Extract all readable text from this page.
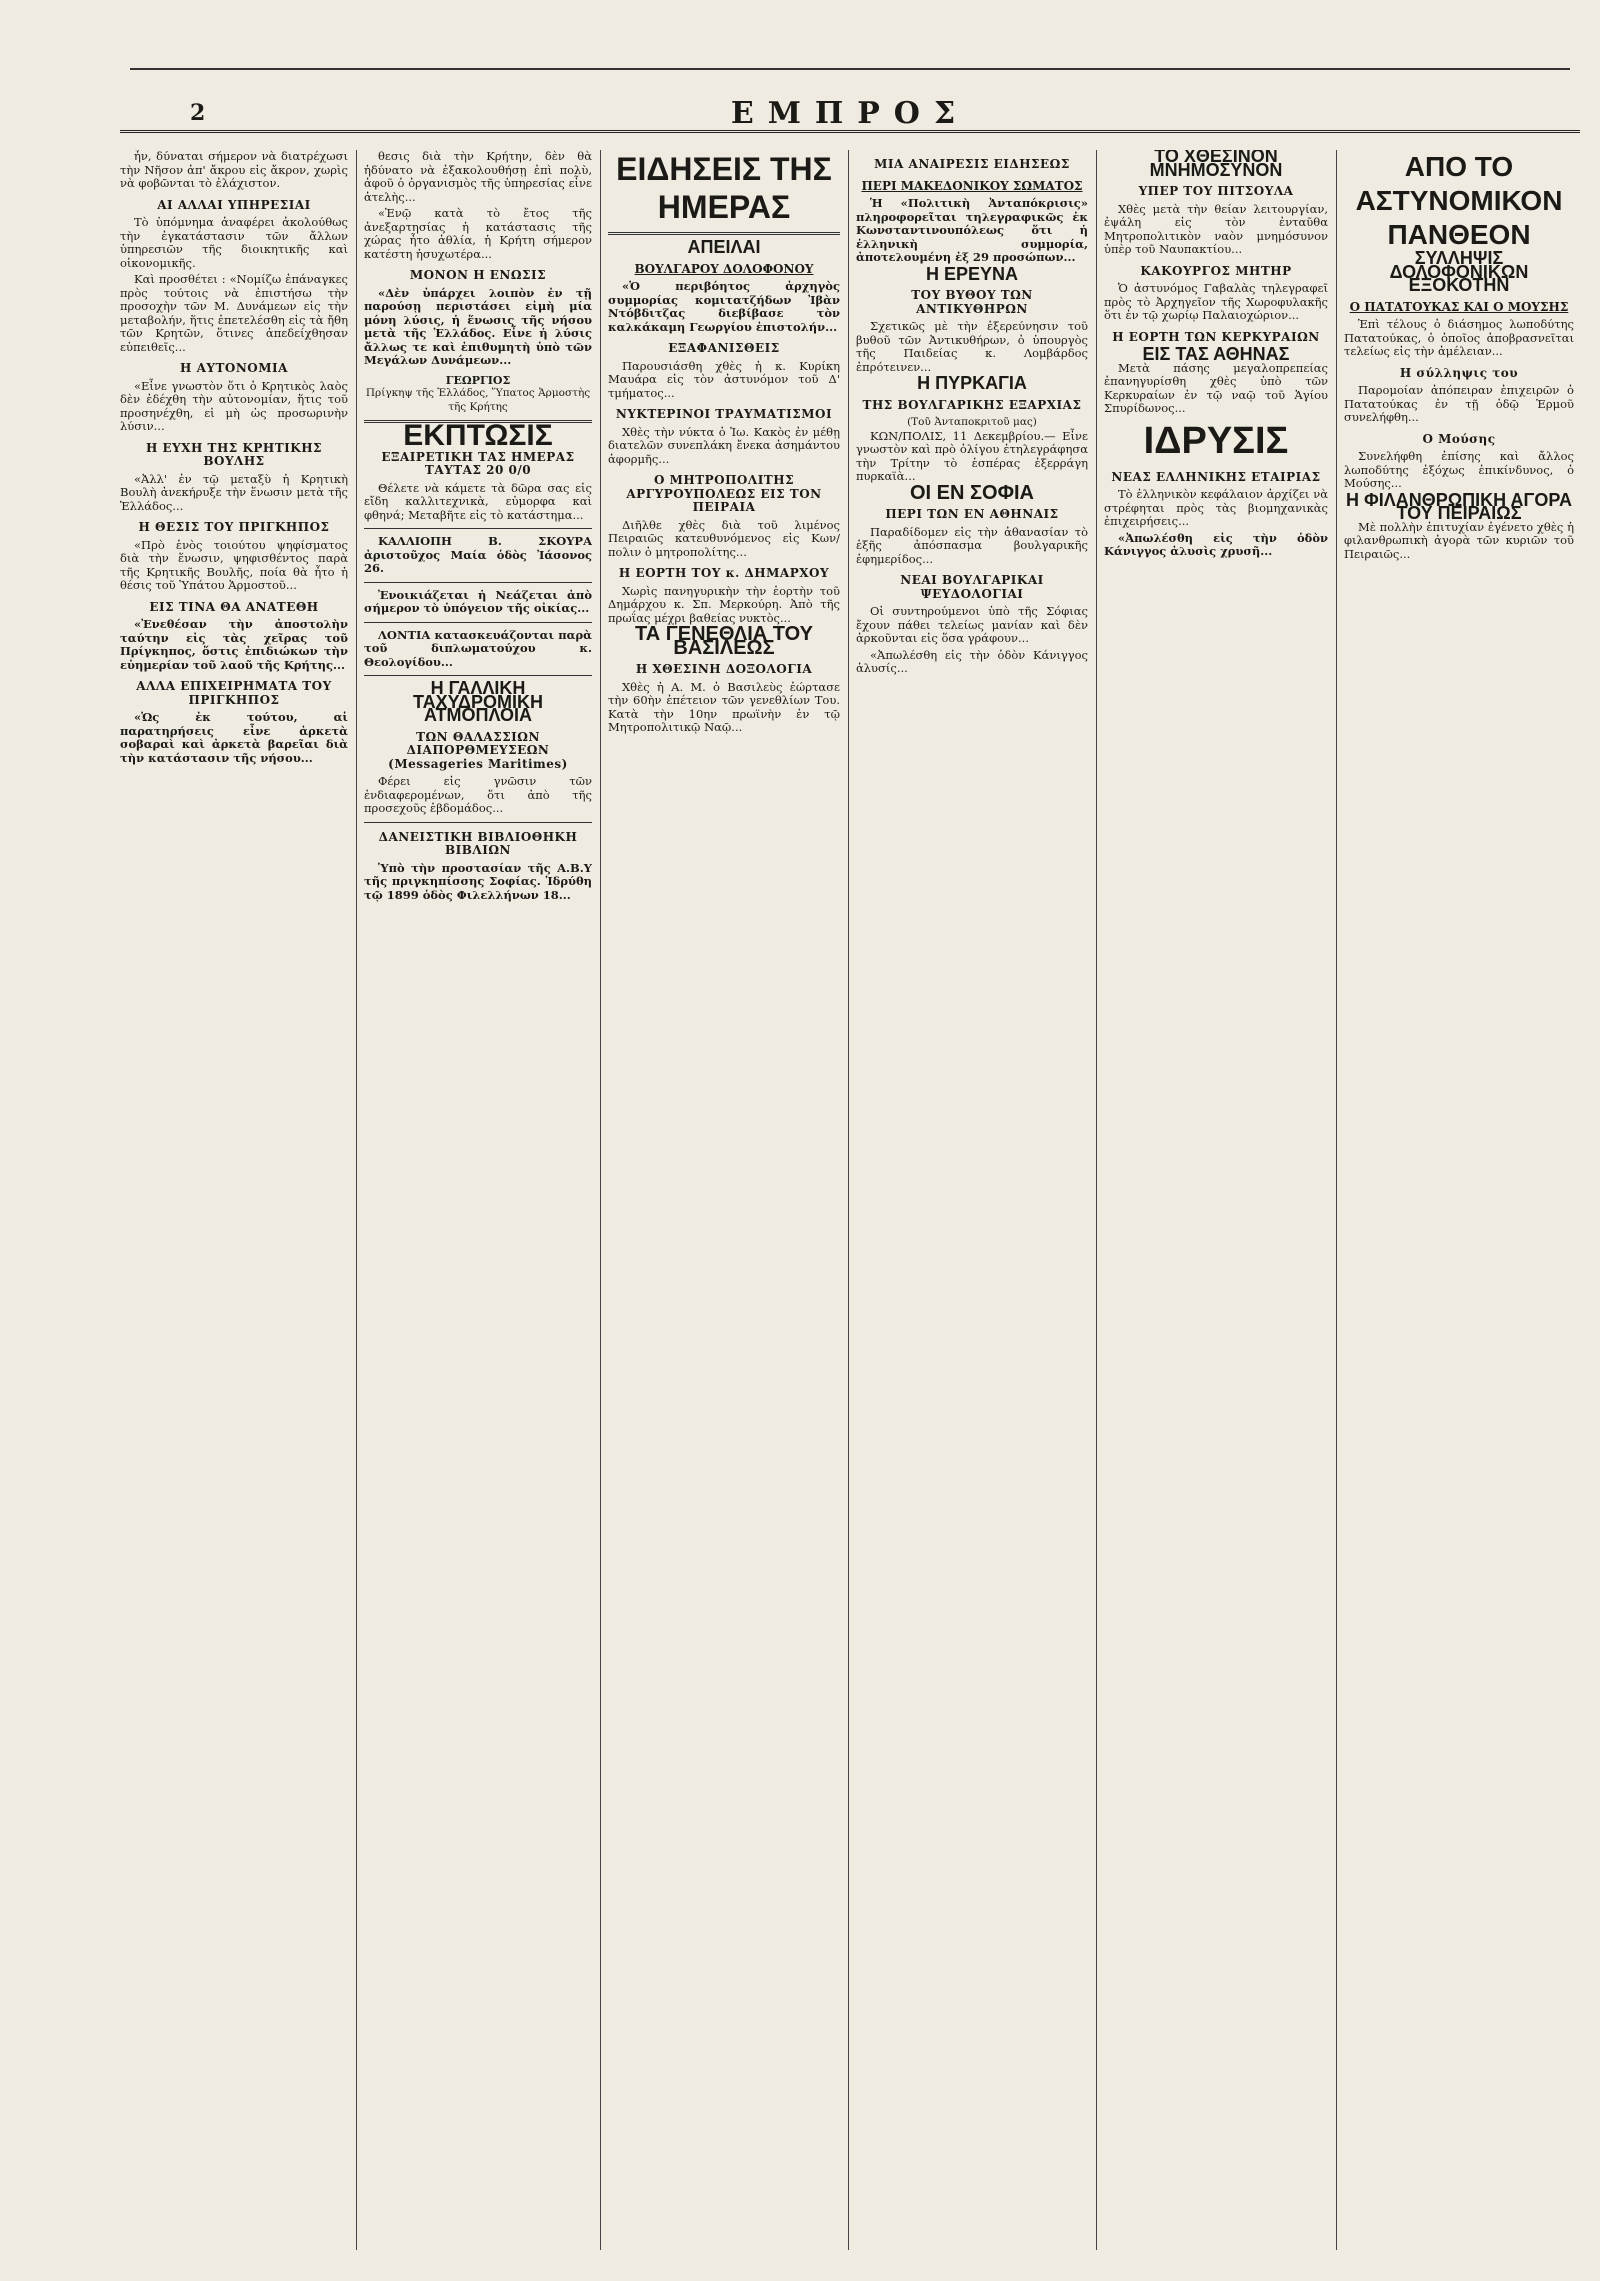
2	ΕΜΠΡΟΣ

ἦν, δύναται σήμερον νὰ διατρέχωσι τὴν Νῆσον ἀπ' ἄκρου εἰς ἄκρον, χωρὶς νὰ φοβῶνται τὸ ἐλάχιστον.

ΑΙ ΑΛΛΑΙ ΥΠΗΡΕΣΙΑΙ

Τὸ ὑπόμνημα ἀναφέρει ἀκολούθως τὴν ἐγκατάστασιν τῶν ἄλλων ὑπηρεσιῶν τῆς διοικητικῆς καὶ οἰκονομικῆς.

Καὶ προσθέτει : «Νομίζω ἐπάναγκες πρὸς τούτοις νὰ ἐπιστήσω τὴν προσοχὴν τῶν Μ. Δυνάμεων εἰς τὴν μεταβολήν, ἥτις ἐπετελέσθη εἰς τὰ ἤθη τῶν Κρητῶν, ὅτινες ἀπεδείχθησαν εὐπειθεῖς...

Η ΑΥΤΟΝΟΜΙΑ

«Εἶνε γνωστὸν ὅτι ὁ Κρητικὸς λαὸς δὲν ἐδέχθη τὴν αὐτονομίαν, ἥτις τοῦ προσηνέχθη, εἰ μὴ ὡς προσωρινὴν λύσιν...

Η ΕΥΧΗ ΤΗΣ ΚΡΗΤΙΚΗΣ ΒΟΥΛΗΣ

«Ἀλλ' ἐν τῷ μεταξὺ ἡ Κρητικὴ Βουλὴ ἀνεκήρυξε τὴν ἕνωσιν μετὰ τῆς Ἑλλάδος...

Η ΘΕΣΙΣ ΤΟΥ ΠΡΙΓΚΗΠΟΣ

«Πρὸ ἑνὸς τοιούτου ψηφίσματος διὰ τὴν ἕνωσιν, ψηφισθέντος παρὰ τῆς Κρητικῆς Βουλῆς, ποία θὰ ἦτο ἡ θέσις τοῦ Ὑπάτου Ἁρμοστοῦ...

ΕΙΣ ΤΙΝΑ ΘΑ ΑΝΑΤΕΘΗ

«Ἐνεθέσαν τὴν ἀποστολὴν ταύτην εἰς τὰς χεῖρας τοῦ Πρίγκηπος, ὅστις ἐπιδιώκων τὴν εὐημερίαν τοῦ λαοῦ τῆς Κρήτης...

ΑΛΛΑ ΕΠΙΧΕΙΡΗΜΑΤΑ ΤΟΥ ΠΡΙΓΚΗΠΟΣ

«Ὡς ἐκ τούτου, αἱ παρατηρήσεις εἶνε ἀρκετὰ σοβαραὶ καὶ ἀρκετὰ βαρεῖαι διὰ τὴν κατάστασιν τῆς νήσου...

θεσις διὰ τὴν Κρήτην, δὲν θὰ ἠδύνατο νὰ ἐξακολουθήσῃ ἐπὶ πολὺ, ἀφοῦ ὁ ὀργανισμὸς τῆς ὑπηρεσίας εἶνε ἀτελὴς...

«Ἐνῷ κατὰ τὸ ἔτος τῆς ἀνεξαρτησίας ἡ κατάστασις τῆς χώρας ἦτο ἀθλία, ἡ Κρήτη σήμερον κατέστη ἡσυχωτέρα...

ΜΟΝΟΝ Η ΕΝΩΣΙΣ

«Δὲν ὑπάρχει λοιπὸν ἐν τῇ παρούσῃ περιστάσει εἰμὴ μία μόνη λύσις, ἡ ἕνωσις τῆς νήσου μετὰ τῆς Ἑλλάδος. Εἶνε ἡ λύσις ἄλλως τε καὶ ἐπιθυμητὴ ὑπὸ τῶν Μεγάλων Δυνάμεων...

ΓΕΩΡΓΙΟΣ
Πρίγκηψ τῆς Ἑλλάδος, Ὕπατος Ἁρμοστὴς τῆς Κρήτης
ΕΚΠΤΩΣΙΣ
ΕΞΑΙΡΕΤΙΚΗ ΤΑΣ ΗΜΕΡΑΣ ΤΑΥΤΑΣ 20 0/0

Θέλετε νὰ κάμετε τὰ δῶρα σας εἰς εἴδη καλλιτεχνικὰ, εὐμορφα καὶ φθηνά; Μεταβῆτε εἰς τὸ κατάστημα...

ΚΑΛΛΙΟΠΗ Β. ΣΚΟΥΡΑ ἀριστοῦχος Μαία ὁδὸς Ἰάσονος 26.

Ἐνοικιάζεται ἡ Νεάζεται ἀπὸ σήμερον τὸ ὑπόγειον τῆς οἰκίας...

ΛΟΝΤΙΑ κατασκευάζονται παρὰ τοῦ διπλωματούχου κ. Θεολογίδου...

Η ΓΑΛΛΙΚΗ ΤΑΧΥΔΡΟΜΙΚΗ ΑΤΜΟΠΛΟΙΑ
ΤΩΝ ΘΑΛΑΣΣΙΩΝ ΔΙΑΠΟΡΘΜΕΥΣΕΩΝ (Messageries Maritimes)

Φέρει εἰς γνῶσιν τῶν ἐνδιαφερομένων, ὅτι ἀπὸ τῆς προσεχοῦς ἑβδομάδος...

ΔΑΝΕΙΣΤΙΚΗ ΒΙΒΛΙΟΘΗΚΗ ΒΙΒΛΙΩΝ

Ὑπὸ τὴν προστασίαν τῆς Α.Β.Υ τῆς πριγκηπίσσης Σοφίας. Ἱδρύθη τῷ 1899 ὁδὸς Φιλελλήνων 18...

ΕΙΔΗΣΕΙΣ ΤΗΣ ΗΜΕΡΑΣ
ΑΠΕΙΛΑΙ
ΒΟΥΛΓΑΡΟΥ ΔΟΛΟΦΟΝΟΥ

«Ὁ περιβόητος ἀρχηγὸς συμμορίας κομιτατζήδων Ἰβὰν Ντόβδιτζας διεβίβασε τὸν καλκάκαμη Γεωργίου ἐπιστολήν...

ΕΞΑΦΑΝΙΣΘΕΙΣ

Παρουσιάσθη χθὲς ἡ κ. Κυρίκη Μαυάρα εἰς τὸν ἀστυνόμον τοῦ Δ' τμήματος...

ΝΥΚΤΕΡΙΝΟΙ ΤΡΑΥΜΑΤΙΣΜΟΙ

Χθὲς τὴν νύκτα ὁ Ἰω. Κακὸς ἐν μέθῃ διατελῶν συνεπλάκη ἔνεκα ἀσημάντου ἀφορμῆς...

Ο ΜΗΤΡΟΠΟΛΙΤΗΣ ΑΡΓΥΡΟΥΠΟΛΕΩΣ ΕΙΣ ΤΟΝ ΠΕΙΡΑΙΑ

Διῆλθε χθὲς διὰ τοῦ λιμένος Πειραιῶς κατευθυνόμενος εἰς Κων/πολιν ὁ μητροπολίτης...

Η ΕΟΡΤΗ ΤΟΥ κ. ΔΗΜΑΡΧΟΥ

Χωρὶς πανηγυρικὴν τὴν ἑορτὴν τοῦ Δημάρχου κ. Σπ. Μερκούρη. Ἀπὸ τῆς πρωΐας μέχρι βαθείας νυκτὸς...

ΤΑ ΓΕΝΕΘΛΙΑ ΤΟΥ ΒΑΣΙΛΕΩΣ
Η ΧΘΕΣΙΝΗ ΔΟΞΟΛΟΓΙΑ

Χθὲς ἡ Α. Μ. ὁ Βασιλεὺς ἐώρτασε τὴν 60ὴν ἐπέτειον τῶν γενεθλίων Του. Κατὰ τὴν 10ην πρωϊνὴν ἐν τῷ Μητροπολιτικῷ Ναῷ...

ΜΙΑ ΑΝΑΙΡΕΣΙΣ ΕΙΔΗΣΕΩΣ
ΠΕΡΙ ΜΑΚΕΔΟΝΙΚΟΥ ΣΩΜΑΤΟΣ

Ἡ «Πολιτικὴ Ἀνταπόκρισις» πληροφορεῖται τηλεγραφικῶς ἐκ Κωνσταντινουπόλεως ὅτι ἡ ἑλληνικὴ συμμορία, ἀποτελουμένη ἐξ 29 προσώπων...

Η ΕΡΕΥΝΑ
ΤΟΥ ΒΥΘΟΥ ΤΩΝ ΑΝΤΙΚΥΘΗΡΩΝ

Σχετικῶς μὲ τὴν ἐξερεύνησιν τοῦ βυθοῦ τῶν Ἀντικυθήρων, ὁ ὑπουργὸς τῆς Παιδείας κ. Λομβάρδος ἐπρότεινεν...

Η ΠΥΡΚΑΓΙΑ
ΤΗΣ ΒΟΥΛΓΑΡΙΚΗΣ ΕΞΑΡΧΙΑΣ
(Τοῦ Ἀνταποκριτοῦ μας)

ΚΩΝ/ΠΟΛΙΣ, 11 Δεκεμβρίου.— Εἶνε γνωστὸν καὶ πρὸ ὀλίγου ἐτηλεγράφησα τὴν Τρίτην τὸ ἑσπέρας ἐξερράγη πυρκαϊὰ...

ΟΙ ΕΝ ΣΟΦΙΑ
ΠΕΡΙ ΤΩΝ ΕΝ ΑΘΗΝΑΙΣ

Παραδίδομεν εἰς τὴν ἀθανασίαν τὸ ἑξῆς ἀπόσπασμα βουλγαρικῆς ἐφημερίδος...

ΝΕΑΙ ΒΟΥΛΓΑΡΙΚΑΙ ΨΕΥΔΟΛΟΓΙΑΙ

Οἱ συντηρούμενοι ὑπὸ τῆς Σόφιας ἔχουν πάθει τελείως μανίαν καὶ δὲν ἀρκοῦνται εἰς ὅσα γράφουν...

«Ἀπωλέσθη εἰς τὴν ὁδὸν Κάνιγγος ἀλυσίς...

ΤΟ ΧΘΕΣΙΝΟΝ ΜΝΗΜΟΣΥΝΟΝ
ΥΠΕΡ ΤΟΥ ΠΙΤΣΟΥΛΑ

Χθὲς μετὰ τὴν θείαν λειτουργίαν, ἐψάλη εἰς τὸν ἐνταῦθα Μητροπολιτικὸν ναὸν μνημόσυνον ὑπὲρ τοῦ Ναυπακτίου...

ΚΑΚΟΥΡΓΟΣ ΜΗΤΗΡ

Ὁ ἀστυνόμος Γαβαλὰς τηλεγραφεῖ πρὸς τὸ Ἀρχηγεῖον τῆς Χωροφυλακῆς ὅτι ἐν τῷ χωρίῳ Παλαιοχώριον...

Η ΕΟΡΤΗ ΤΩΝ ΚΕΡΚΥΡΑΙΩΝ
ΕΙΣ ΤΑΣ ΑΘΗΝΑΣ

Μετὰ πάσης μεγαλοπρεπείας ἐπανηγυρίσθη χθὲς ὑπὸ τῶν Κερκυραίων ἐν τῷ ναῷ τοῦ Ἁγίου Σπυρίδωνος...

ΙΔΡΥΣΙΣ
ΝΕΑΣ ΕΛΛΗΝΙΚΗΣ ΕΤΑΙΡΙΑΣ

Τὸ ἑλληνικὸν κεφάλαιον ἀρχίζει νὰ στρέφηται πρὸς τὰς βιομηχανικὰς ἐπιχειρήσεις...

«Ἀπωλέσθη εἰς τὴν ὁδὸν Κάνιγγος ἀλυσὶς χρυσῆ...

ΑΠΟ ΤΟ ΑΣΤΥΝΟΜΙΚΟΝ ΠΑΝΘΕΟΝ
ΣΥΛΛΗΨΙΣ ΔΟΛΟΦΟΝΙΚΩΝ ΕΞΟΚΟΤΗΝ
Ο ΠΑΤΑΤΟΥΚΑΣ ΚΑΙ Ο ΜΟΥΣΗΣ

Ἐπὶ τέλους ὁ διάσημος λωποδύτης Πατατούκας, ὁ ὁποῖος ἀποβρασνεῖται τελείως εἰς τὴν ἀμέλειαν...

Η σύλληψις του

Παρομοίαν ἀπόπειραν ἐπιχειρῶν ὁ Πατατούκας ἐν τῇ ὁδῷ Ἑρμοῦ συνελήφθη...

Ο Μούσης

Συνελήφθη ἐπίσης καὶ ἄλλος λωποδύτης ἐξόχως ἐπικίνδυνος, ὁ Μούσης...

Η ΦΙΛΑΝΘΡΩΠΙΚΗ ΑΓΟΡΑ ΤΟΥ ΠΕΙΡΑΙΩΣ

Μὲ πολλὴν ἐπιτυχίαν ἐγένετο χθὲς ἡ φιλανθρωπικὴ ἀγορὰ τῶν κυριῶν τοῦ Πειραιῶς...
